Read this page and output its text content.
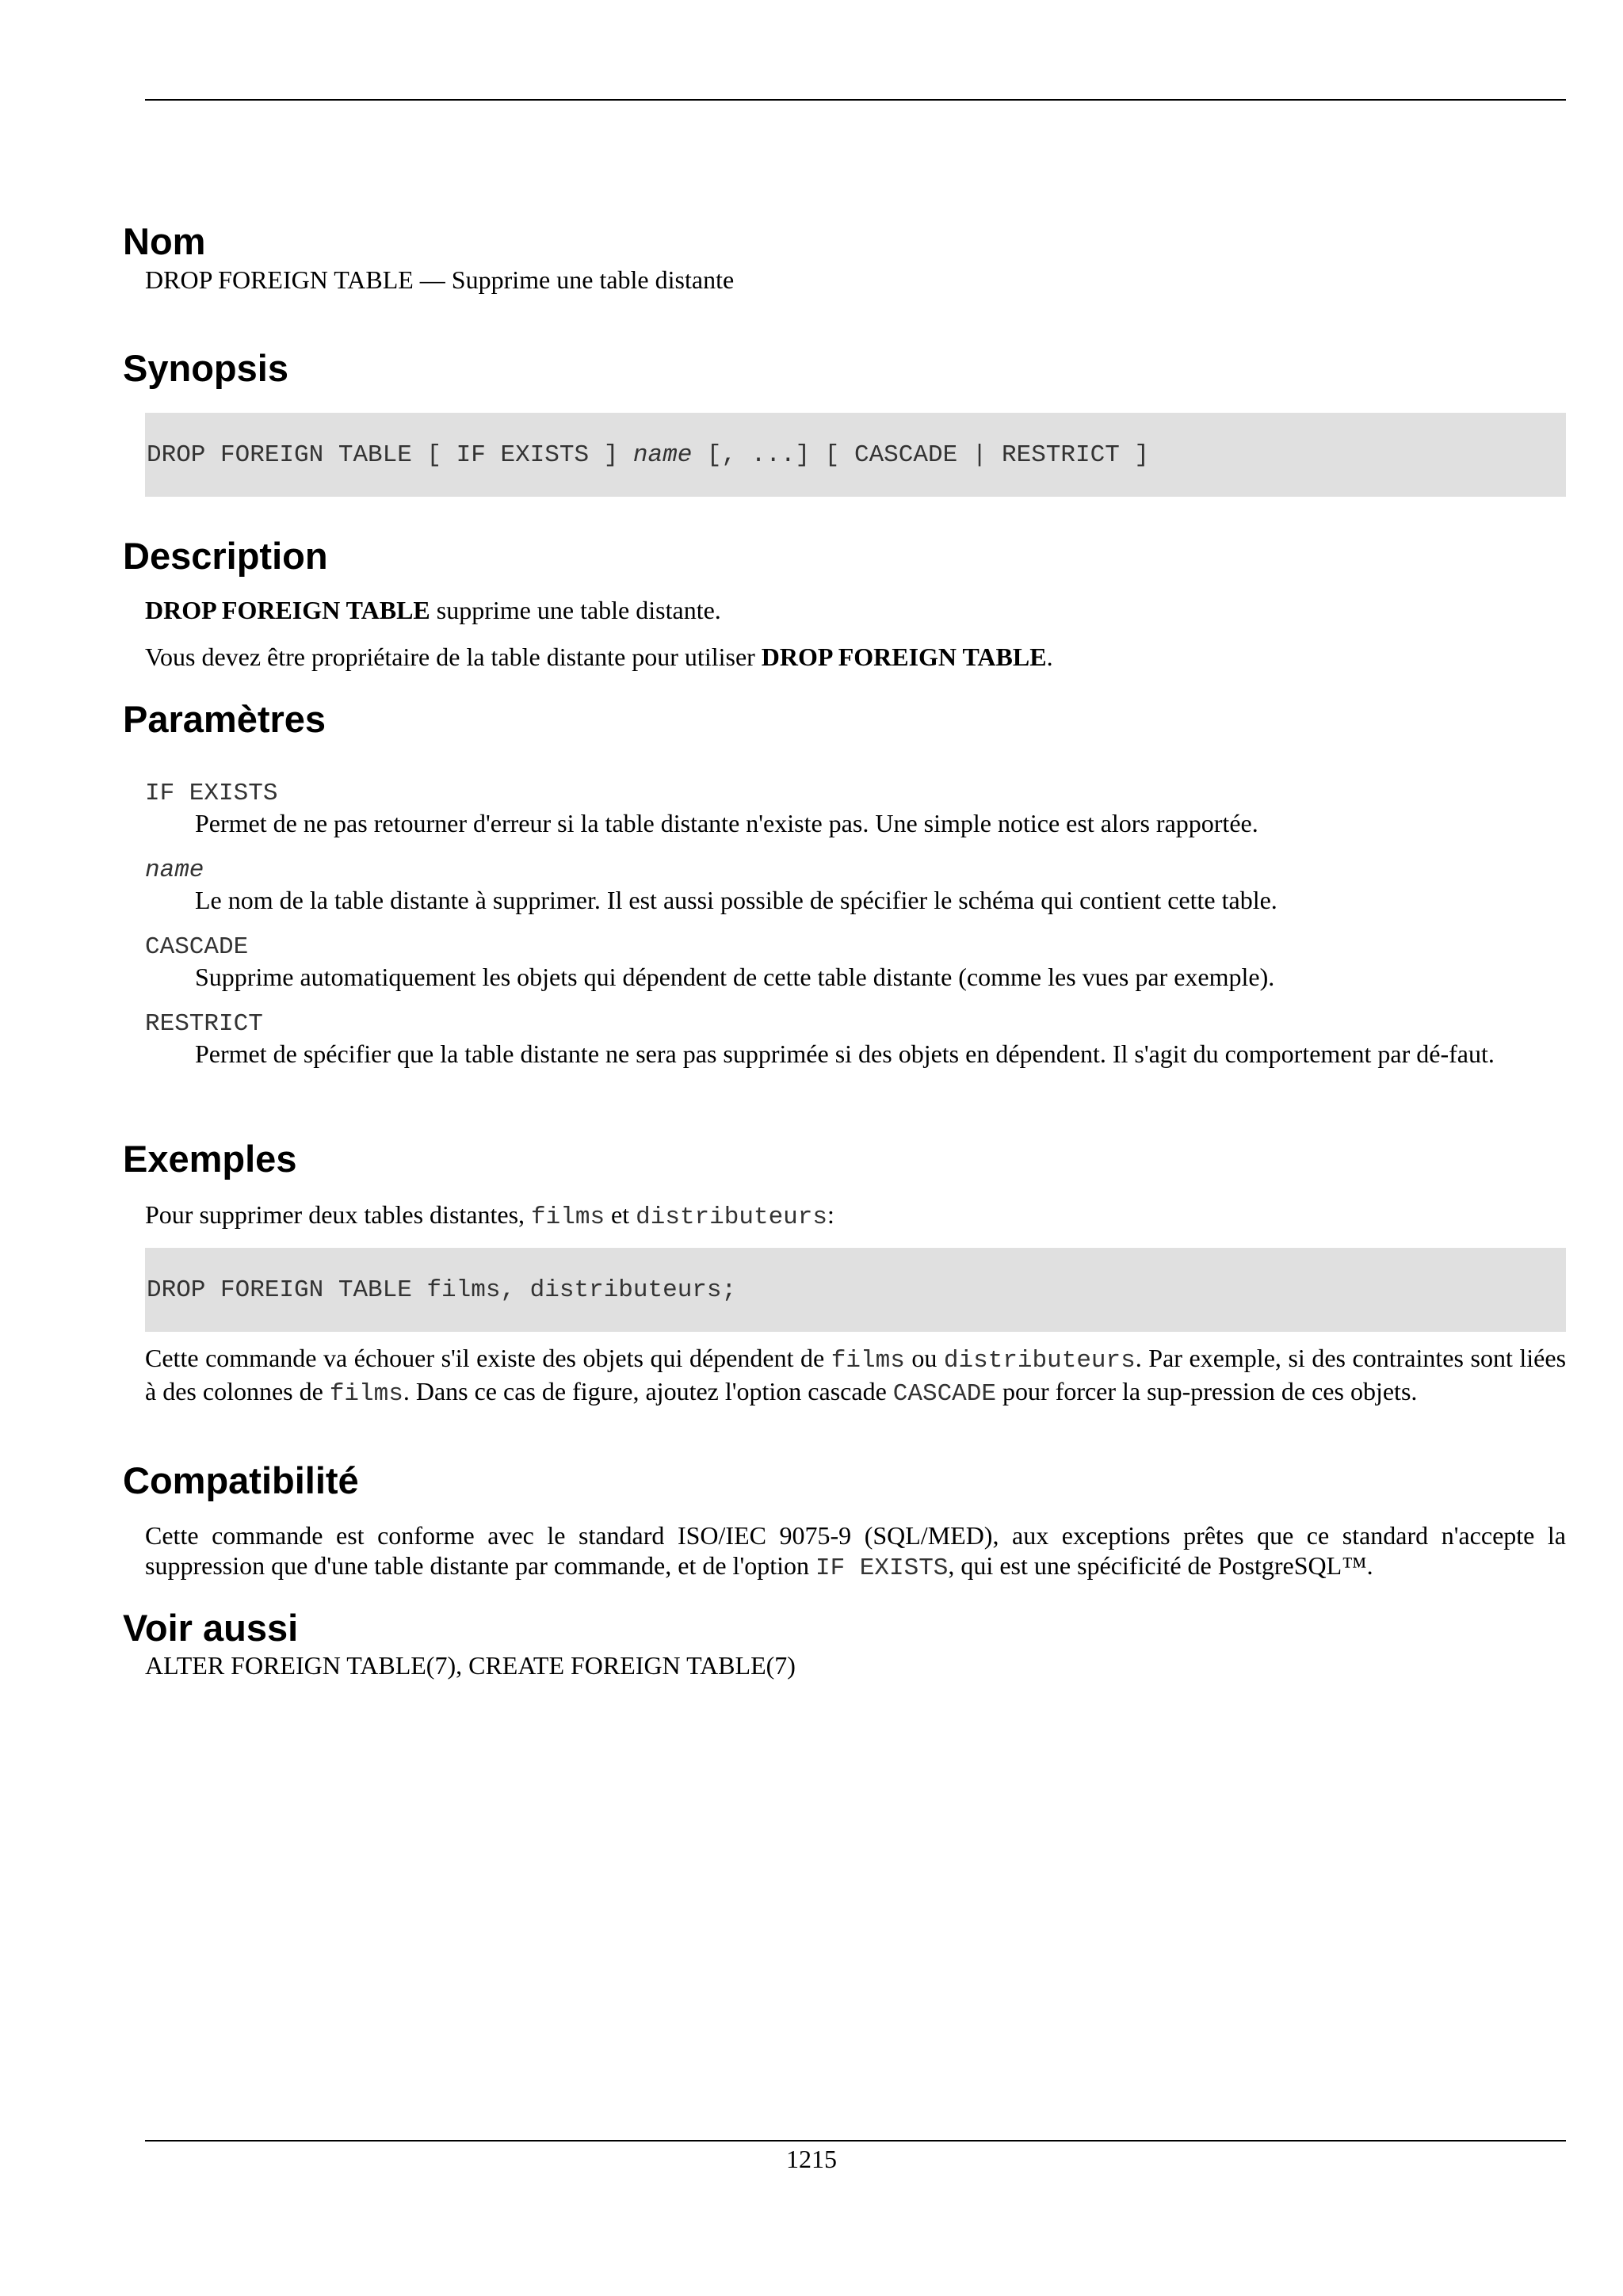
Nom

DROP FOREIGN TABLE — Supprime une table distante

Synopsis
DROP FOREIGN TABLE [ IF EXISTS ] name [, ...] [ CASCADE | RESTRICT ]
Description

DROP FOREIGN TABLE supprime une table distante.

Vous devez être propriétaire de la table distante pour utiliser DROP FOREIGN TABLE.

Paramètres
IF EXISTS

Permet de ne pas retourner d'erreur si la table distante n'existe pas. Une simple notice est alors rapportée.

name

Le nom de la table distante à supprimer. Il est aussi possible de spécifier le schéma qui contient cette table.

CASCADE

Supprime automatiquement les objets qui dépendent de cette table distante (comme les vues par exemple).

RESTRICT

Permet de spécifier que la table distante ne sera pas supprimée si des objets en dépendent. Il s'agit du comportement par dé-faut.

Exemples

Pour supprimer deux tables distantes, films et distributeurs:

DROP FOREIGN TABLE films, distributeurs;

Cette commande va échouer s'il existe des objets qui dépendent de films ou distributeurs. Par exemple, si des contraintes sont liées à des colonnes de films. Dans ce cas de figure, ajoutez l'option cascade CASCADE pour forcer la sup-pression de ces objets.

Compatibilité

Cette commande est conforme avec le standard ISO/IEC 9075-9 (SQL/MED), aux exceptions prêtes que ce standard n'accepte la suppression que d'une table distante par commande, et de l'option IF EXISTS, qui est une spécificité de PostgreSQL™.

Voir aussi

ALTER FOREIGN TABLE(7), CREATE FOREIGN TABLE(7)

1215
